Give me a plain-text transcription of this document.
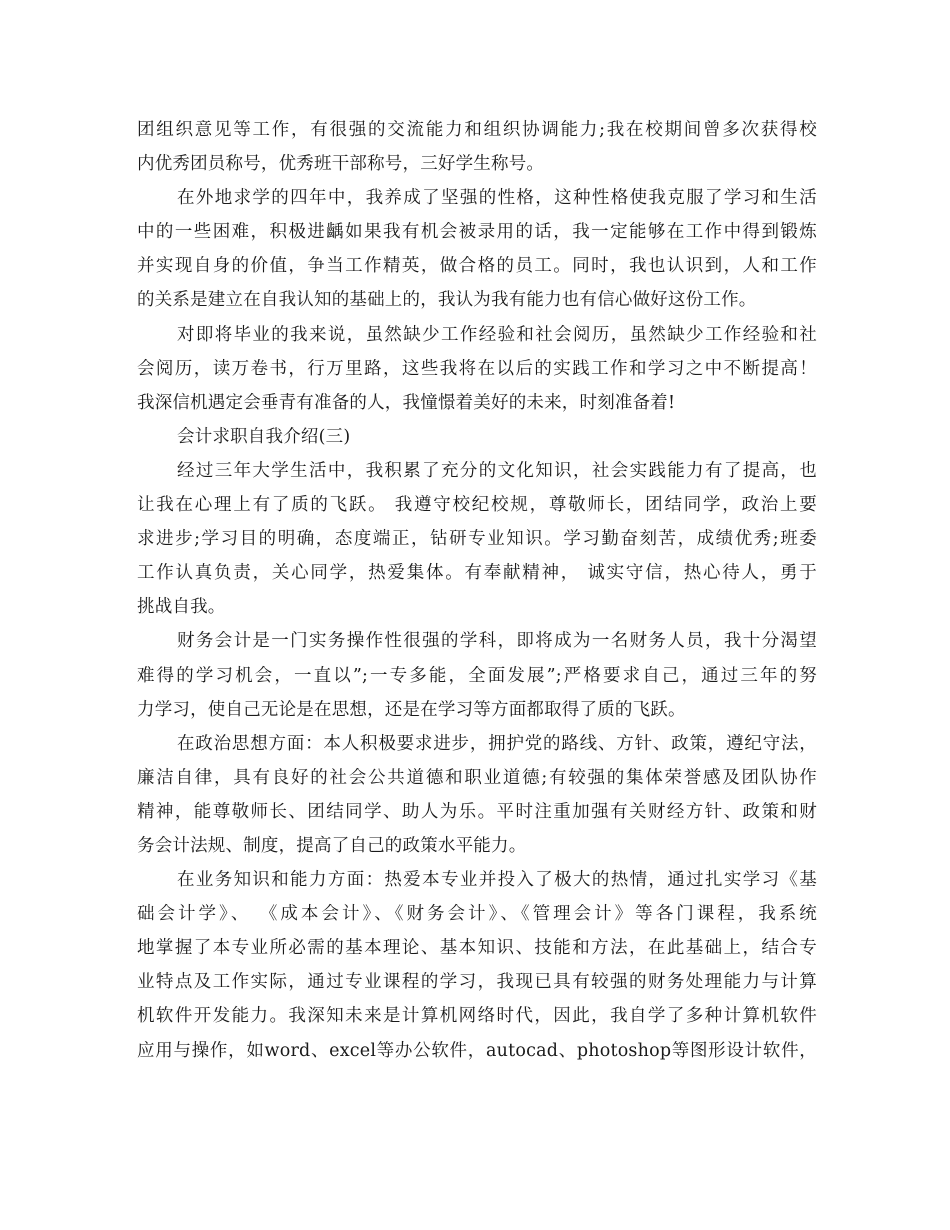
团组织意见等工作，有很强的交流能力和组织协调能力;我在校期间曾多次获得校
内优秀团员称号，优秀班干部称号，三好学生称号。
在外地求学的四年中，我养成了坚强的性格，这种性格使我克服了学习和生活
中的一些困难，积极进齲如果我有机会被录用的话，我一定能够在工作中得到锻炼
并实现自身的价值，争当工作精英，做合格的员工。同时，我也认识到，人和工作
的关系是建立在自我认知的基础上的，我认为我有能力也有信心做好这份工作。
对即将毕业的我来说，虽然缺少工作经验和社会阅历，虽然缺少工作经验和社
会阅历，读万卷书，行万里路，这些我将在以后的实践工作和学习之中不断提高！
我深信机遇定会垂青有准备的人，我憧憬着美好的未来，时刻准备着!
会计求职自我介绍(三)
经过三年大学生活中，我积累了充分的文化知识，社会实践能力有了提高，也
让我在心理上有了质的飞跃。 我遵守校纪校规，尊敬师长，团结同学，政治上要
求进步;学习目的明确，态度端正，钻研专业知识。学习勤奋刻苦，成绩优秀;班委
工作认真负责，关心同学，热爱集体。有奉献精神， 诚实守信，热心待人，勇于
挑战自我。
财务会计是一门实务操作性很强的学科，即将成为一名财务人员，我十分渴望
难得的学习机会，一直以”;一专多能，全面发展”;严格要求自己，通过三年的努
力学习，使自己无论是在思想，还是在学习等方面都取得了质的飞跃。
在政治思想方面：本人积极要求进步，拥护党的路线、方针、政策，遵纪守法，
廉洁自律，具有良好的社会公共道德和职业道德;有较强的集体荣誉感及团队协作
精神，能尊敬师长、团结同学、助人为乐。平时注重加强有关财经方针、政策和财
务会计法规、制度，提高了自己的政策水平能力。
在业务知识和能力方面：热爱本专业并投入了极大的热情，通过扎实学习《基
础会计学》、 《成本会计》、《财务会计》、《管理会计》等各门课程，我系统
地掌握了本专业所必需的基本理论、基本知识、技能和方法，在此基础上，结合专
业特点及工作实际，通过专业课程的学习，我现已具有较强的财务处理能力与计算
机软件开发能力。我深知未来是计算机网络时代，因此，我自学了多种计算机软件
应用与操作，如word、excel等办公软件，autocad、photoshop等图形设计软件，
